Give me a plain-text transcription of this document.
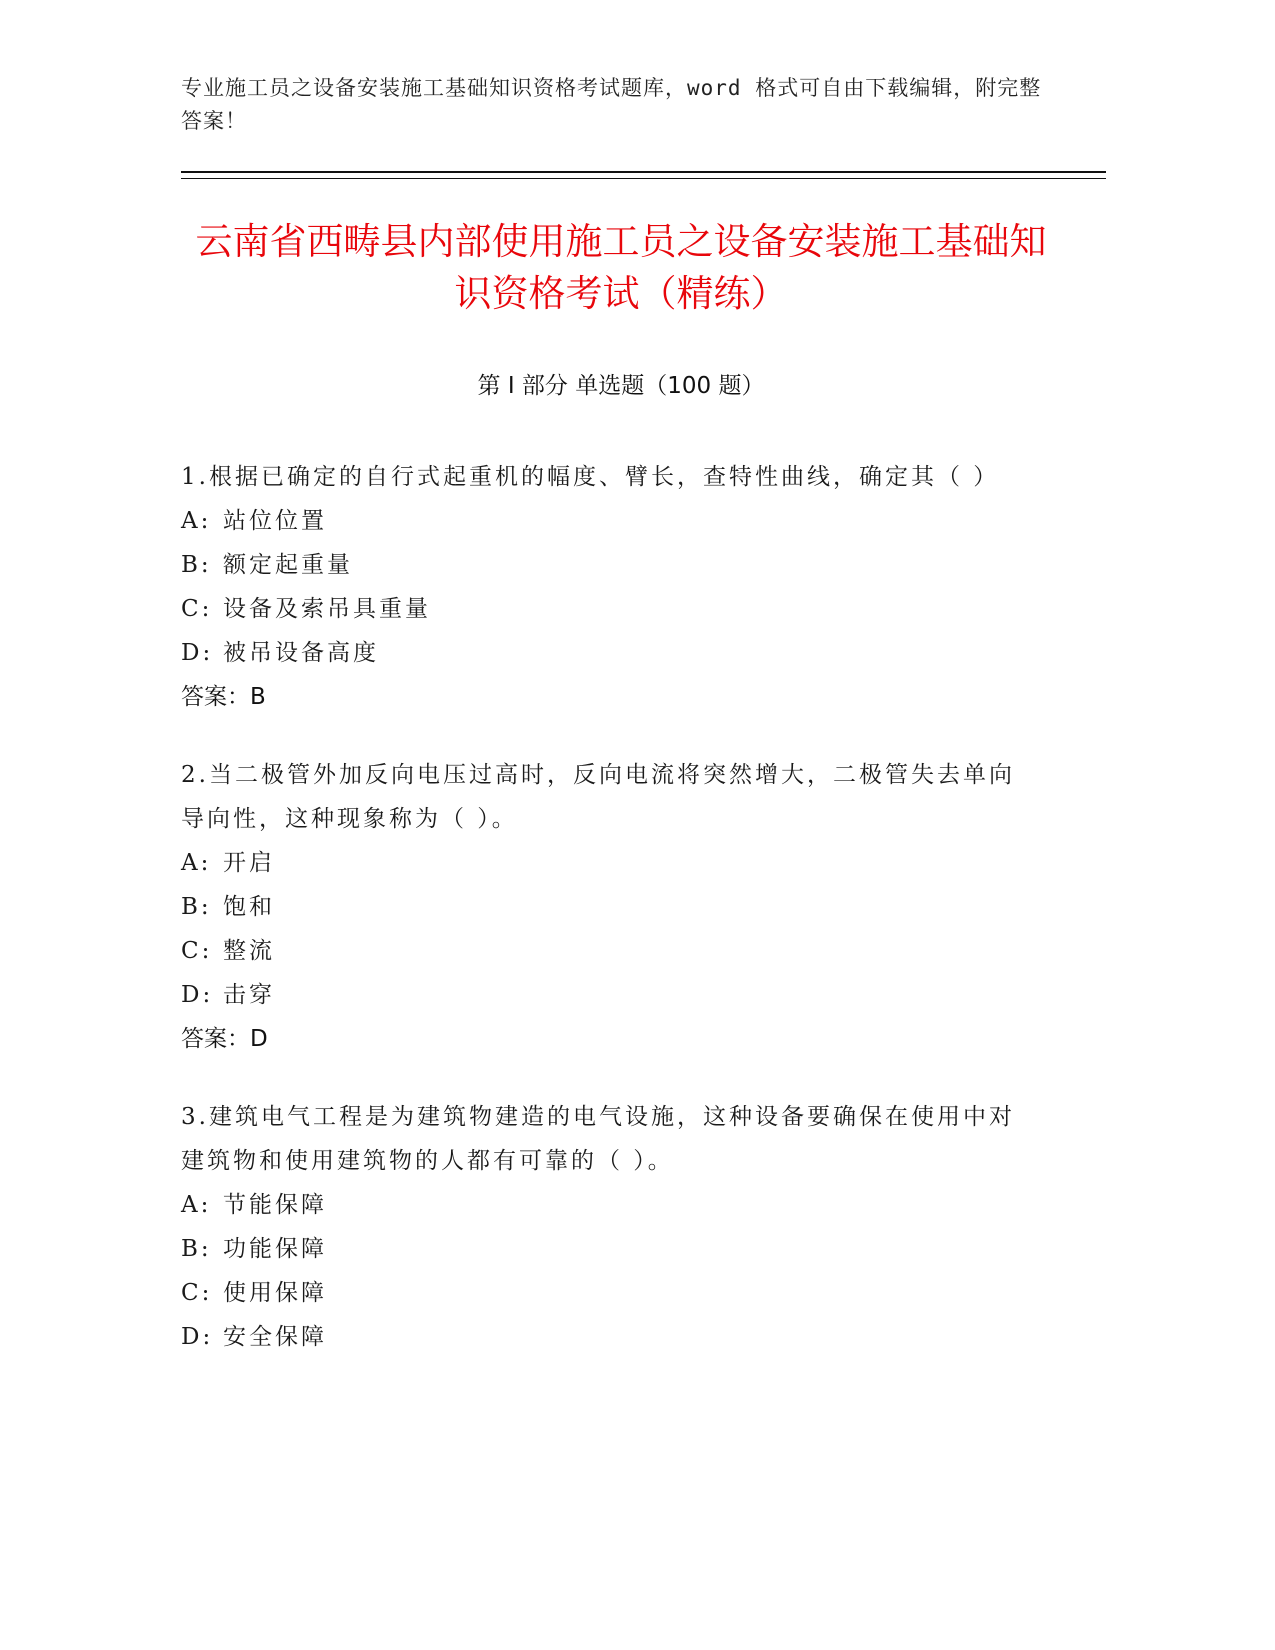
专业施工员之设备安装施工基础知识资格考试题库，word 格式可自由下载编辑，附完整答案！
云南省西畴县内部使用施工员之设备安装施工基础知识资格考试（精练）
第 I 部分 单选题（100 题）
1.根据已确定的自行式起重机的幅度、臂长，查特性曲线，确定其（ ）
A: 站位位置
B: 额定起重量
C: 设备及索吊具重量
D: 被吊设备高度
答案：B
2.当二极管外加反向电压过高时，反向电流将突然增大，二极管失去单向导向性，这种现象称为（ ）。
A: 开启
B: 饱和
C: 整流
D: 击穿
答案：D
3.建筑电气工程是为建筑物建造的电气设施，这种设备要确保在使用中对建筑物和使用建筑物的人都有可靠的（ ）。
A: 节能保障
B: 功能保障
C: 使用保障
D: 安全保障
